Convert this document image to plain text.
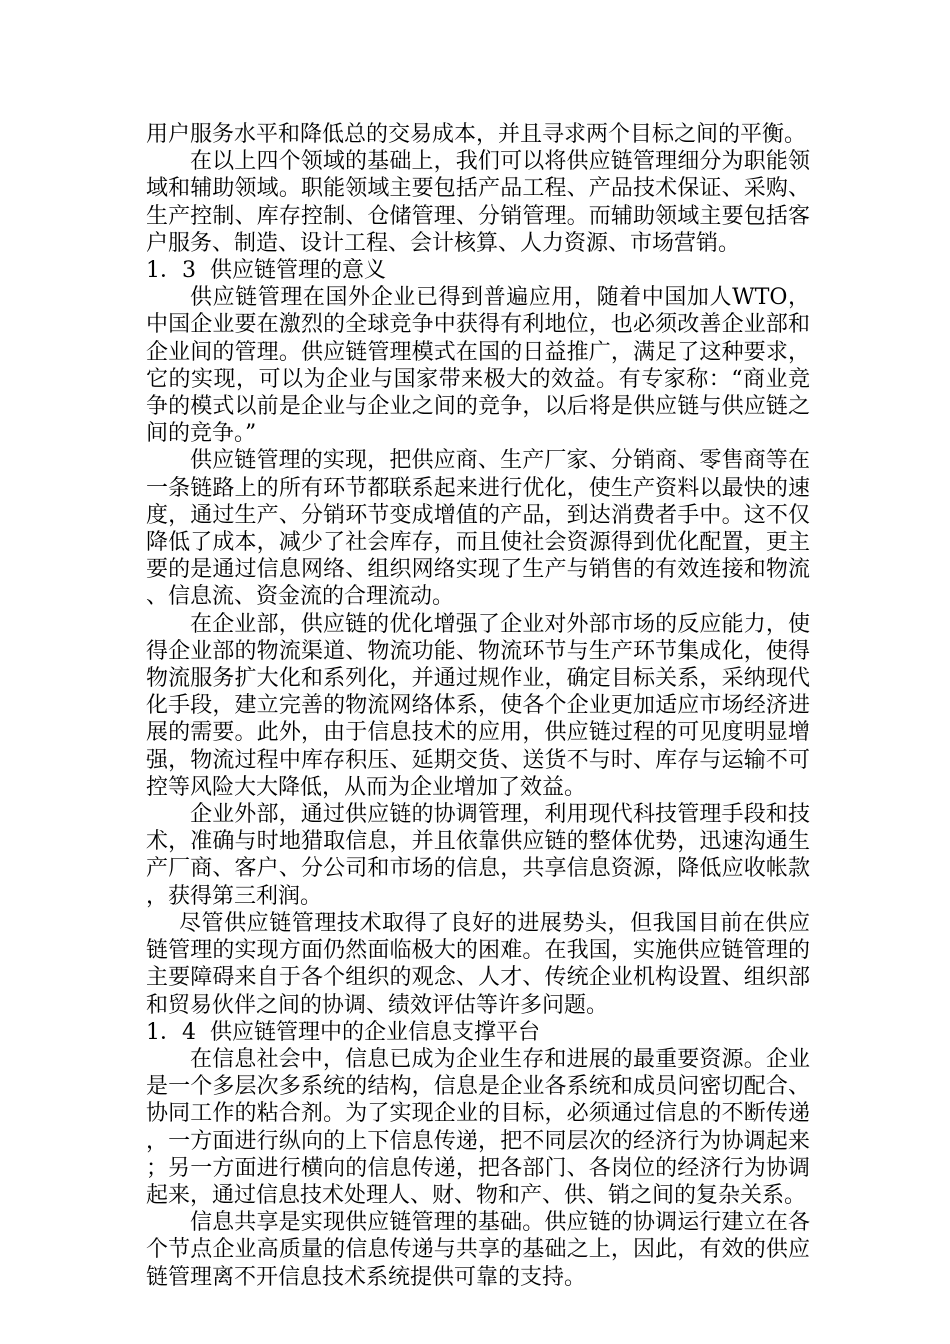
用户服务水平和降低总的交易成本，并且寻求两个目标之间的平衡。

在以上四个领域的基础上，我们可以将供应链管理细分为职能领域和辅助领域。职能领域主要包括产品工程、产品技术保证、采购、生产控制、库存控制、仓储管理、分销管理。而辅助领域主要包括客户服务、制造、设计工程、会计核算、人力资源、市场营销。

1．3  供应链管理的意义

供应链管理在国外企业已得到普遍应用，随着中国加人WTO，中国企业要在激烈的全球竞争中获得有利地位，也必须改善企业部和企业间的管理。供应链管理模式在国的日益推广，满足了这种要求，它的实现，可以为企业与国家带来极大的效益。有专家称：“商业竞争的模式以前是企业与企业之间的竞争，以后将是供应链与供应链之间的竞争。”

供应链管理的实现，把供应商、生产厂家、分销商、零售商等在一条链路上的所有环节都联系起来进行优化，使生产资料以最快的速度，通过生产、分销环节变成增值的产品，到达消费者手中。这不仅降低了成本，减少了社会库存，而且使社会资源得到优化配置，更主要的是通过信息网络、组织网络实现了生产与销售的有效连接和物流、信息流、资金流的合理流动。

在企业部，供应链的优化增强了企业对外部市场的反应能力，使得企业部的物流渠道、物流功能、物流环节与生产环节集成化，使得物流服务扩大化和系列化，并通过规作业，确定目标关系，采纳现代化手段，建立完善的物流网络体系，使各个企业更加适应市场经济进展的需要。此外，由于信息技术的应用，供应链过程的可见度明显增强，物流过程中库存积压、延期交货、送货不与时、库存与运输不可控等风险大大降低，从而为企业增加了效益。

企业外部，通过供应链的协调管理，利用现代科技管理手段和技术，准确与时地猎取信息，并且依靠供应链的整体优势，迅速沟通生产厂商、客户、分公司和市场的信息，共享信息资源，降低应收帐款，获得第三利润。

尽管供应链管理技术取得了良好的进展势头，但我国目前在供应链管理的实现方面仍然面临极大的困难。在我国，实施供应链管理的主要障碍来自于各个组织的观念、人才、传统企业机构设置、组织部和贸易伙伴之间的协调、绩效评估等许多问题。

1．4  供应链管理中的企业信息支撑平台

在信息社会中，信息已成为企业生存和进展的最重要资源。企业是一个多层次多系统的结构，信息是企业各系统和成员问密切配合、协同工作的粘合剂。为了实现企业的目标，必须通过信息的不断传递，一方面进行纵向的上下信息传递，把不同层次的经济行为协调起来；另一方面进行横向的信息传递，把各部门、各岗位的经济行为协调起来，通过信息技术处理人、财、物和产、供、销之间的复杂关系。

信息共享是实现供应链管理的基础。供应链的协调运行建立在各个节点企业高质量的信息传递与共享的基础之上，因此，有效的供应链管理离不开信息技术系统提供可靠的支持。
